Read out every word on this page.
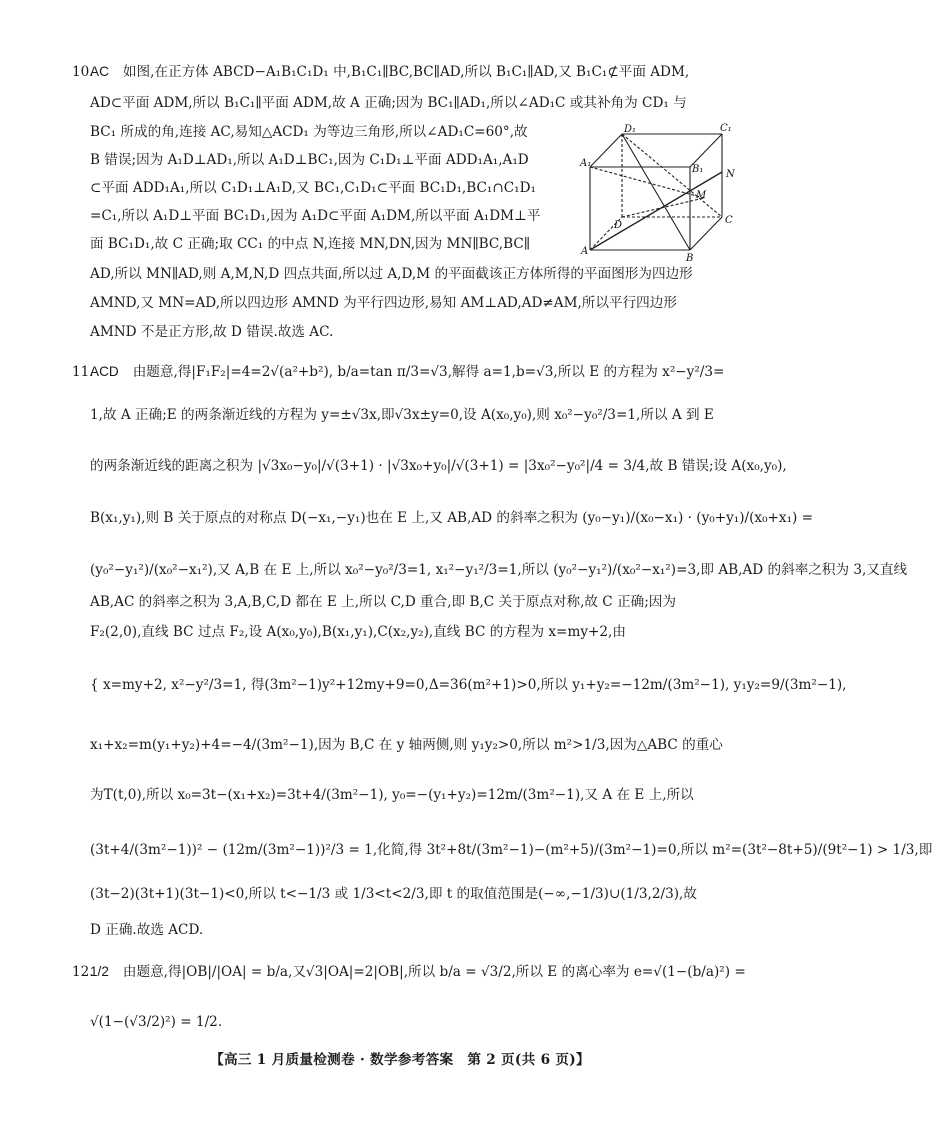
10.
AC 如图,在正方体 ABCD−A₁B₁C₁D₁ 中,B₁C₁∥BC,BC∥AD,所以 B₁C₁∥AD,又 B₁C₁⊄平面 ADM,
AD⊂平面 ADM,所以 B₁C₁∥平面 ADM,故 A 正确;因为 BC₁∥AD₁,所以∠AD₁C 或其补角为 CD₁ 与
BC₁ 所成的角,连接 AC,易知△ACD₁ 为等边三角形,所以∠AD₁C=60°,故
B 错误;因为 A₁D⊥AD₁,所以 A₁D⊥BC₁,因为 C₁D₁⊥平面 ADD₁A₁,A₁D
⊂平面 ADD₁A₁,所以 C₁D₁⊥A₁D,又 BC₁,C₁D₁⊂平面 BC₁D₁,BC₁∩C₁D₁
=C₁,所以 A₁D⊥平面 BC₁D₁,因为 A₁D⊂平面 A₁DM,所以平面 A₁DM⊥平
面 BC₁D₁,故 C 正确;取 CC₁ 的中点 N,连接 MN,DN,因为 MN∥BC,BC∥
AD,所以 MN∥AD,则 A,M,N,D 四点共面,所以过 A,D,M 的平面截该正方体所得的平面图形为四边形
AMND,又 MN=AD,所以四边形 AMND 为平行四边形,易知 AM⊥AD,AD≠AM,所以平行四边形
AMND 不是正方形,故 D 错误.故选 AC.
D₁	C₁
A₁
B₁ N
M
D	C
A
B
11.
ACD 由题意,得|F₁F₂|=4=2√(a²+b²), b/a=tan π/3=√3,解得 a=1,b=√3,所以 E 的方程为 x²−y²/3=
1,故 A 正确;E 的两条渐近线的方程为 y=±√3x,即√3x±y=0,设 A(x₀,y₀),则 x₀²−y₀²/3=1,所以 A 到 E
的两条渐近线的距离之积为 |√3x₀−y₀|/√(3+1) · |√3x₀+y₀|/√(3+1) = |3x₀²−y₀²|/4 = 3/4,故 B 错误;设 A(x₀,y₀),
B(x₁,y₁),则 B 关于原点的对称点 D(−x₁,−y₁)也在 E 上,又 AB,AD 的斜率之积为 (y₀−y₁)/(x₀−x₁) · (y₀+y₁)/(x₀+x₁) =
(y₀²−y₁²)/(x₀²−x₁²),又 A,B 在 E 上,所以 x₀²−y₀²/3=1, x₁²−y₁²/3=1,所以 (y₀²−y₁²)/(x₀²−x₁²)=3,即 AB,AD 的斜率之积为 3,又直线
AB,AC 的斜率之积为 3,A,B,C,D 都在 E 上,所以 C,D 重合,即 B,C 关于原点对称,故 C 正确;因为
F₂(2,0),直线 BC 过点 F₂,设 A(x₀,y₀),B(x₁,y₁),C(x₂,y₂),直线 BC 的方程为 x=my+2,由
{ x=my+2, x²−y²/3=1, 得(3m²−1)y²+12my+9=0,Δ=36(m²+1)>0,所以 y₁+y₂=−12m/(3m²−1), y₁y₂=9/(3m²−1),
x₁+x₂=m(y₁+y₂)+4=−4/(3m²−1),因为 B,C 在 y 轴两侧,则 y₁y₂>0,所以 m²>1/3,因为△ABC 的重心
为T(t,0),所以 x₀=3t−(x₁+x₂)=3t+4/(3m²−1), y₀=−(y₁+y₂)=12m/(3m²−1),又 A 在 E 上,所以
(3t+4/(3m²−1))² − (12m/(3m²−1))²/3 = 1,化简,得 3t²+8t/(3m²−1)−(m²+5)/(3m²−1)=0,所以 m²=(3t²−8t+5)/(9t²−1) > 1/3,即
(3t−2)(3t+1)(3t−1)<0,所以 t<−1/3 或 1/3<t<2/3,即 t 的取值范围是(−∞,−1/3)∪(1/3,2/3),故
D 正确.故选 ACD.
12.
1/2 由题意,得|OB|/|OA| = b/a,又√3|OA|=2|OB|,所以 b/a = √3/2,所以 E 的离心率为 e=√(1−(b/a)²) =
√(1−(√3/2)²) = 1/2.
【高三 1 月质量检测卷 · 数学参考答案　第 2 页(共 6 页)】
